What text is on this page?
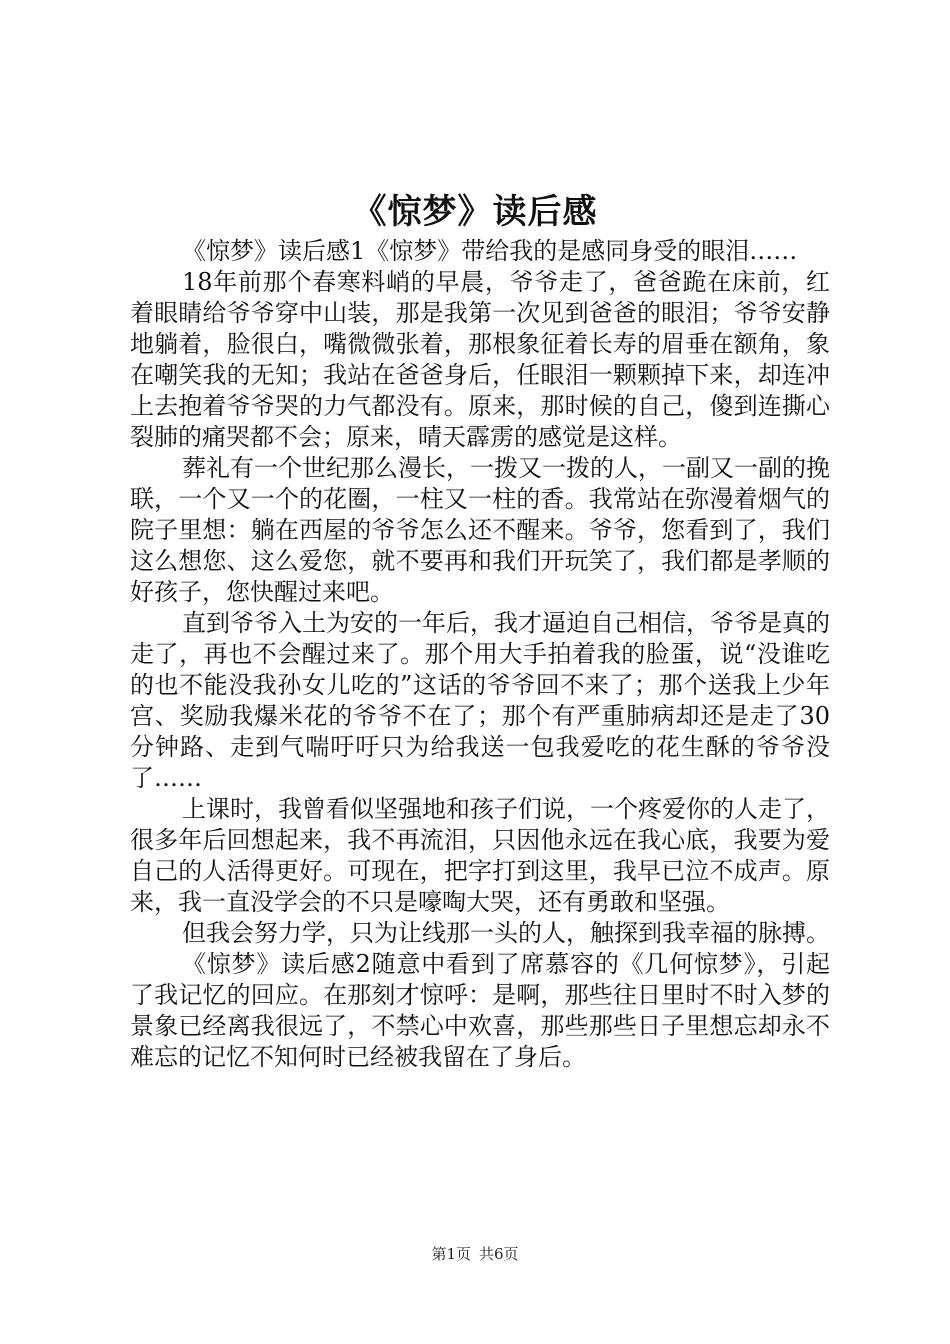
《惊梦》读后感

《惊梦》读后感1《惊梦》带给我的是感同身受的眼泪……

18年前那个春寒料峭的早晨，爷爷走了，爸爸跪在床前，红着眼睛给爷爷穿中山装，那是我第一次见到爸爸的眼泪；爷爷安静地躺着，脸很白，嘴微微张着，那根象征着长寿的眉垂在额角，象在嘲笑我的无知；我站在爸爸身后，任眼泪一颗颗掉下来，却连冲上去抱着爷爷哭的力气都没有。原来，那时候的自己，傻到连撕心裂肺的痛哭都不会；原来，晴天霹雳的感觉是这样。

葬礼有一个世纪那么漫长，一拨又一拨的人，一副又一副的挽联，一个又一个的花圈，一柱又一柱的香。我常站在弥漫着烟气的院子里想：躺在西屋的爷爷怎么还不醒来。爷爷，您看到了，我们这么想您、这么爱您，就不要再和我们开玩笑了，我们都是孝顺的好孩子，您快醒过来吧。

直到爷爷入土为安的一年后，我才逼迫自己相信，爷爷是真的走了，再也不会醒过来了。那个用大手拍着我的脸蛋，说“没谁吃的也不能没我孙女儿吃的”这话的爷爷回不来了；那个送我上少年宫、奖励我爆米花的爷爷不在了；那个有严重肺病却还是走了30分钟路、走到气喘吁吁只为给我送一包我爱吃的花生酥的爷爷没了……

上课时，我曾看似坚强地和孩子们说，一个疼爱你的人走了，很多年后回想起来，我不再流泪，只因他永远在我心底，我要为爱自己的人活得更好。可现在，把字打到这里，我早已泣不成声。原来，我一直没学会的不只是嚎啕大哭，还有勇敢和坚强。

但我会努力学，只为让线那一头的人，触探到我幸福的脉搏。

《惊梦》读后感2随意中看到了席慕容的《几何惊梦》，引起了我记忆的回应。在那刻才惊呼：是啊，那些往日里时不时入梦的景象已经离我很远了，不禁心中欢喜，那些那些日子里想忘却永不难忘的记忆不知何时已经被我留在了身后。

第1页 共6页
